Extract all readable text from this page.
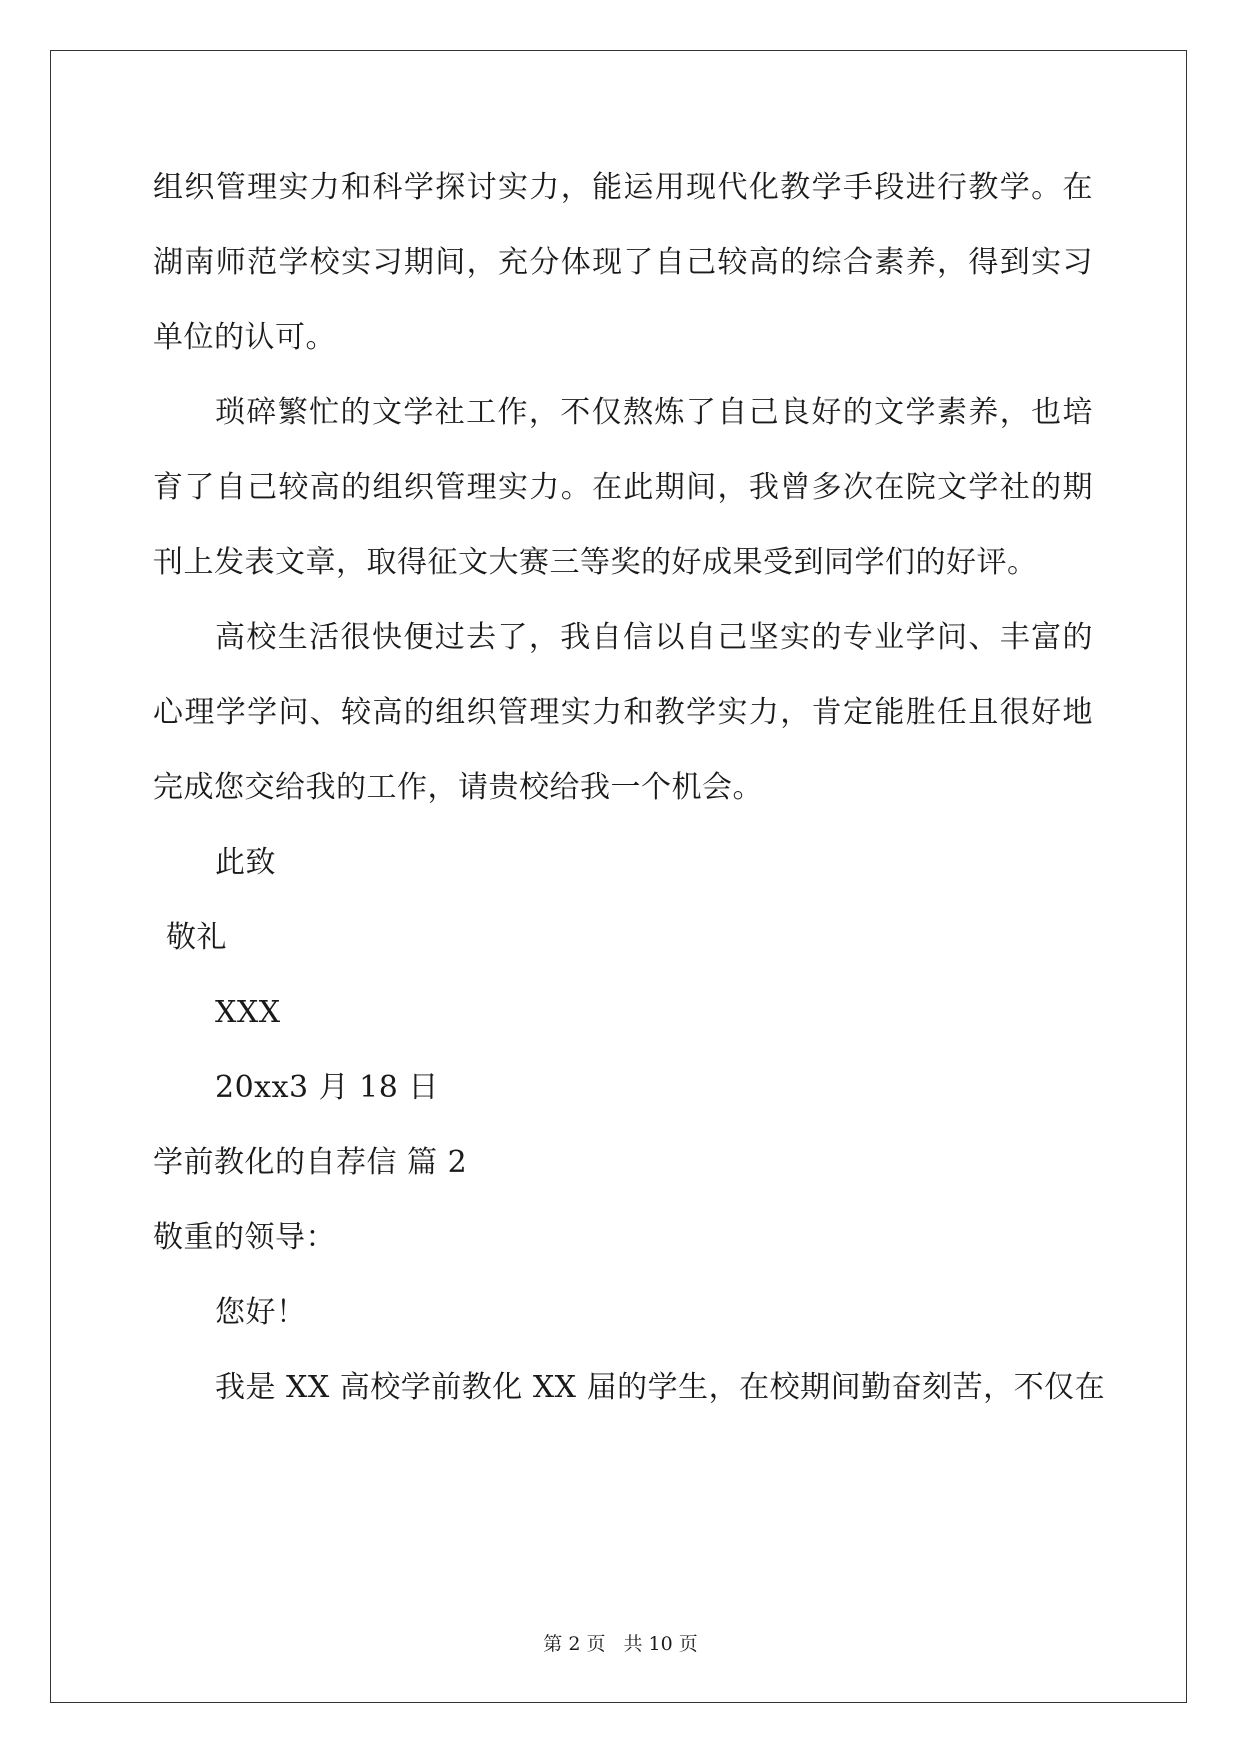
组织管理实力和科学探讨实力，能运用现代化教学手段进行教学。在
湖南师范学校实习期间，充分体现了自己较高的综合素养，得到实习
单位的认可。
琐碎繁忙的文学社工作，不仅熬炼了自己良好的文学素养，也培
育了自己较高的组织管理实力。在此期间，我曾多次在院文学社的期
刊上发表文章，取得征文大赛三等奖的好成果受到同学们的好评。
高校生活很快便过去了，我自信以自己坚实的专业学问、丰富的
心理学学问、较高的组织管理实力和教学实力，肯定能胜任且很好地
完成您交给我的工作，请贵校给我一个机会。
此致
敬礼
XXX
20xx3 月 18 日
学前教化的自荐信 篇 2
敬重的领导：
您好！
我是 XX 高校学前教化 XX 届的学生，在校期间勤奋刻苦，不仅在
第 2 页 共 10 页
